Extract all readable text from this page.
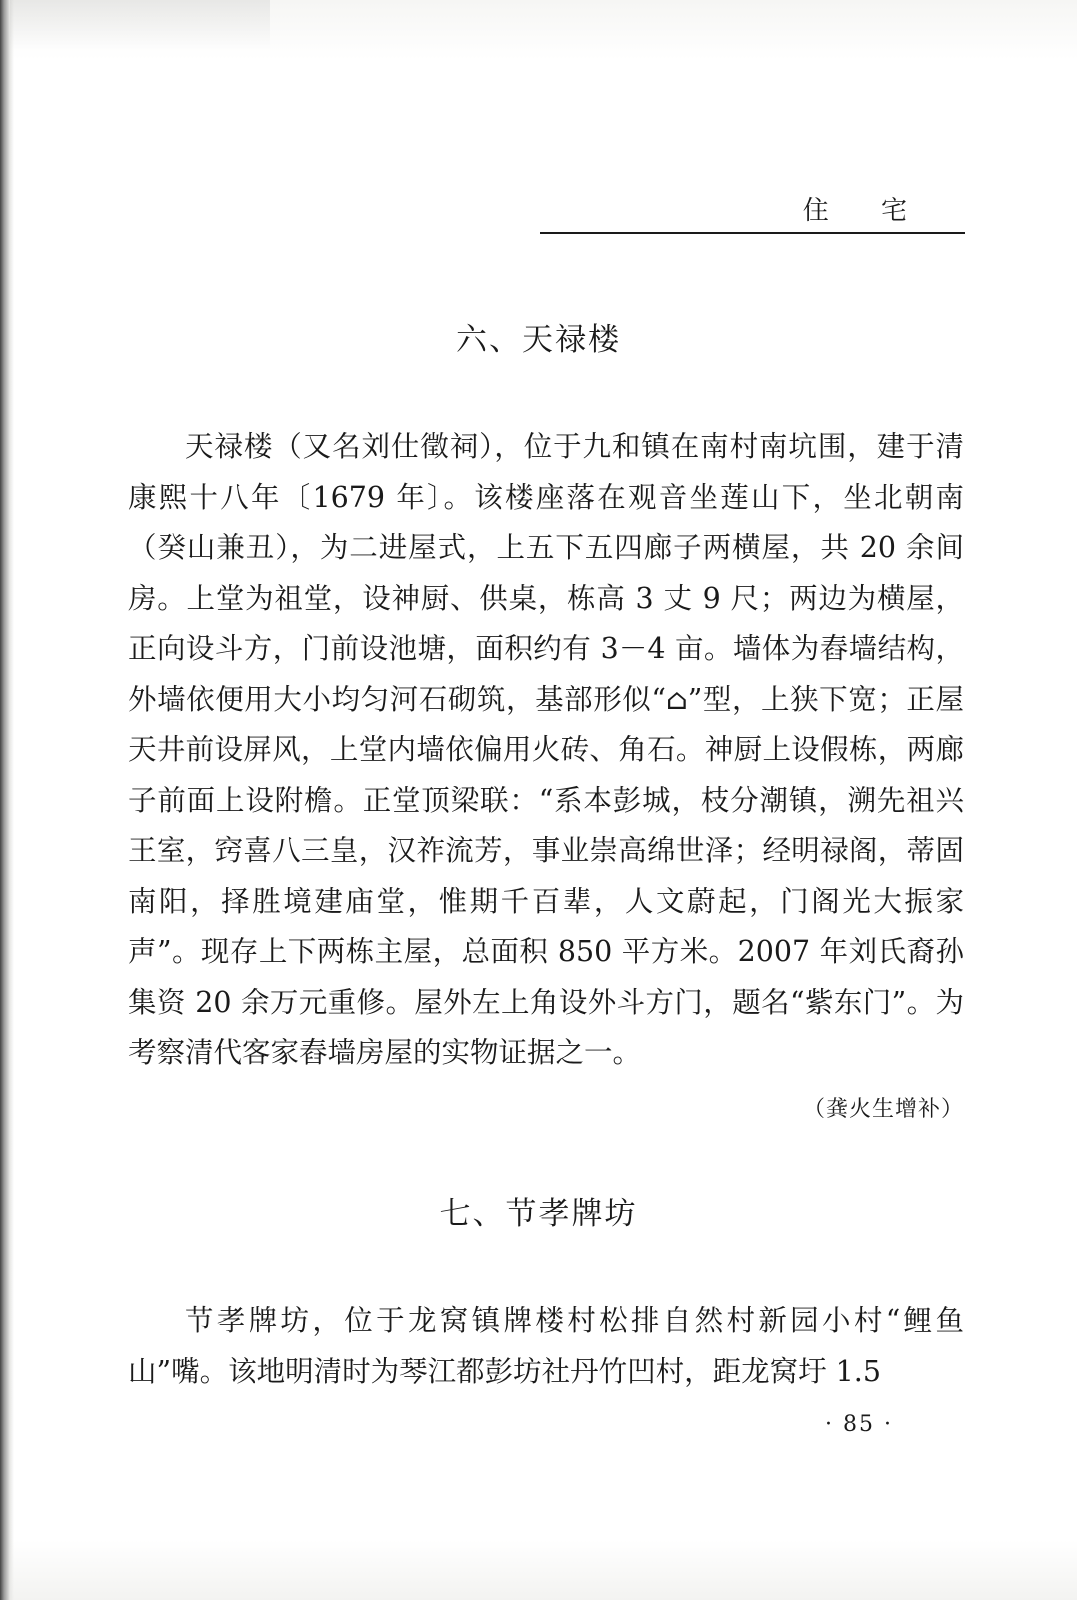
住 宅
六、天禄楼

天禄楼（又名刘仕徵祠），位于九和镇在南村南坑围，建于清康熙十八年〔1679 年〕。该楼座落在观音坐莲山下，坐北朝南（癸山兼丑），为二进屋式，上五下五四廊子两横屋，共 20 余间房。上堂为祖堂，设神厨、供桌，栋高 3 丈 9 尺；两边为横屋，正向设斗方，门前设池塘，面积约有 3－4 亩。墙体为舂墙结构，外墙依便用大小均匀河石砌筑，基部形似“⌂”型，上狭下宽；正屋天井前设屏风，上堂内墙依偏用火砖、角石。神厨上设假栋，两廊子前面上设附檐。正堂顶梁联：“系本彭城，枝分潮镇，溯先祖兴王室，窍喜八三皇，汉祚流芳，事业崇高绵世泽；经明禄阁，蒂固南阳，择胜境建庙堂，惟期千百辈，人文蔚起，门阁光大振家声”。现存上下两栋主屋，总面积 850 平方米。2007 年刘氏裔孙集资 20 余万元重修。屋外左上角设外斗方门，题名“紫东门”。为考察清代客家舂墙房屋的实物证据之一。

（龚火生增补）
七、节孝牌坊

节孝牌坊，位于龙窝镇牌楼村松排自然村新园小村“鲤鱼山”嘴。该地明清时为琴江都彭坊社丹竹凹村，距龙窝圩 1.5

· 85 ·
